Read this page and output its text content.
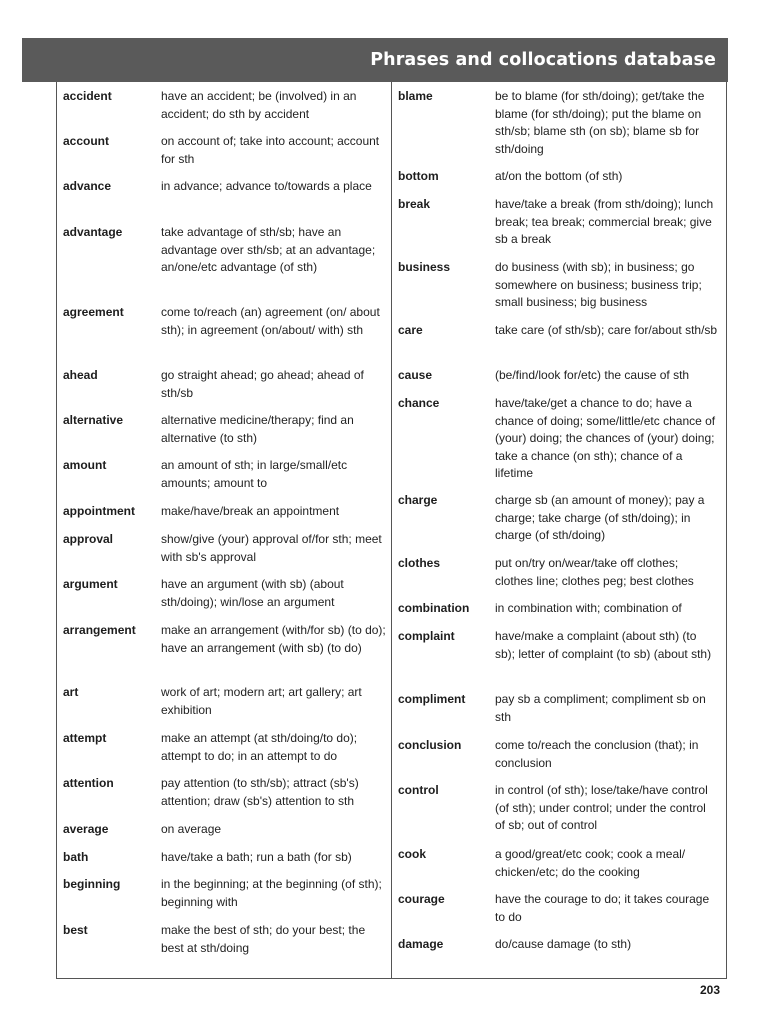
Phrases and collocations database
accident	have an accident; be (involved) in an accident; do sth by accident
account	on account of; take into account; account for sth
advance	in advance; advance to/towards a place
advantage	take advantage of sth/sb; have an advantage over sth/sb; at an advantage; an/one/etc advantage (of sth)
agreement	come to/reach (an) agreement (on/ about sth); in agreement (on/about/ with) sth
ahead	go straight ahead; go ahead; ahead of sth/sb
alternative	alternative medicine/therapy; find an alternative (to sth)
amount	an amount of sth; in large/small/etc amounts; amount to
appointment	make/have/break an appointment
approval	show/give (your) approval of/for sth; meet with sb's approval
argument	have an argument (with sb) (about sth/doing); win/lose an argument
arrangement	make an arrangement (with/for sb) (to do); have an arrangement (with sb) (to do)
art	work of art; modern art; art gallery; art exhibition
attempt	make an attempt (at sth/doing/to do); attempt to do; in an attempt to do
attention	pay attention (to sth/sb); attract (sb's) attention; draw (sb's) attention to sth
average	on average
bath	have/take a bath; run a bath (for sb)
beginning	in the beginning; at the beginning (of sth); beginning with
best	make the best of sth; do your best; the best at sth/doing
blame	be to blame (for sth/doing); get/take the blame (for sth/doing); put the blame on sth/sb; blame sth (on sb); blame sb for sth/doing
bottom	at/on the bottom (of sth)
break	have/take a break (from sth/doing); lunch break; tea break; commercial break; give sb a break
business	do business (with sb); in business; go somewhere on business; business trip; small business; big business
care	take care (of sth/sb); care for/about sth/sb
cause	(be/find/look for/etc) the cause of sth
chance	have/take/get a chance to do; have a chance of doing; some/little/etc chance of (your) doing; the chances of (your) doing; take a chance (on sth); chance of a lifetime
charge	charge sb (an amount of money); pay a charge; take charge (of sth/doing); in charge (of sth/doing)
clothes	put on/try on/wear/take off clothes; clothes line; clothes peg; best clothes
combination	in combination with; combination of
complaint	have/make a complaint (about sth) (to sb); letter of complaint (to sb) (about sth)
compliment	pay sb a compliment; compliment sb on sth
conclusion	come to/reach the conclusion (that); in conclusion
control	in control (of sth); lose/take/have control (of sth); under control; under the control of sb; out of control
cook	a good/great/etc cook; cook a meal/ chicken/etc; do the cooking
courage	have the courage to do; it takes courage to do
damage	do/cause damage (to sth)
203
